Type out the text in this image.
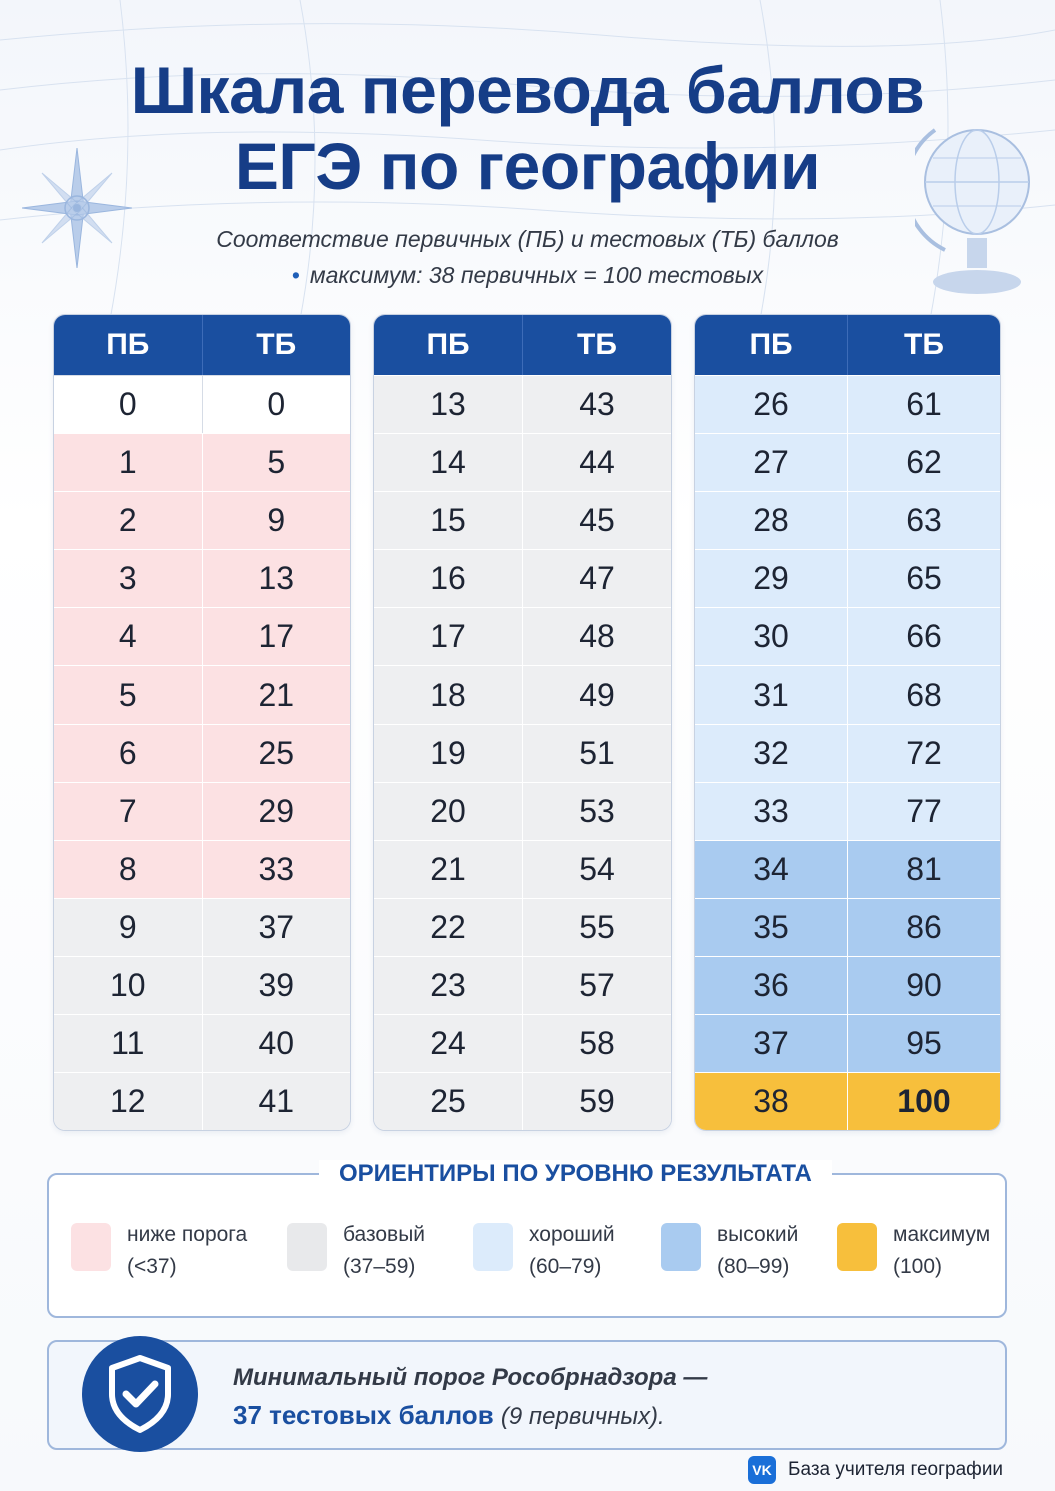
Шкала перевода баллов
ЕГЭ по географии
Соответствие первичных (ПБ) и тестовых (ТБ) баллов
• максимум: 38 первичных = 100 тестовых
ПБ	ТБ
0	0
1	5
2	9
3	13
4	17
5	21
6	25
7	29
8	33
9	37
10	39
11	40
12	41
ПБ	ТБ
13	43
14	44
15	45
16	47
17	48
18	49
19	51
20	53
21	54
22	55
23	57
24	58
25	59
ПБ	ТБ
26	61
27	62
28	63
29	65
30	66
31	68
32	72
33	77
34	81
35	86
36	90
37	95
38	100
ОРИЕНТИРЫ ПО УРОВНЮ РЕЗУЛЬТАТА
ниже порога
(<37)
базовый
(37–59)
хороший
(60–79)
высокий
(80–99)
максимум
(100)
Минимальный порог Рособрнадзора —
37 тестовых баллов (9 первичных).
VK База учителя географии
